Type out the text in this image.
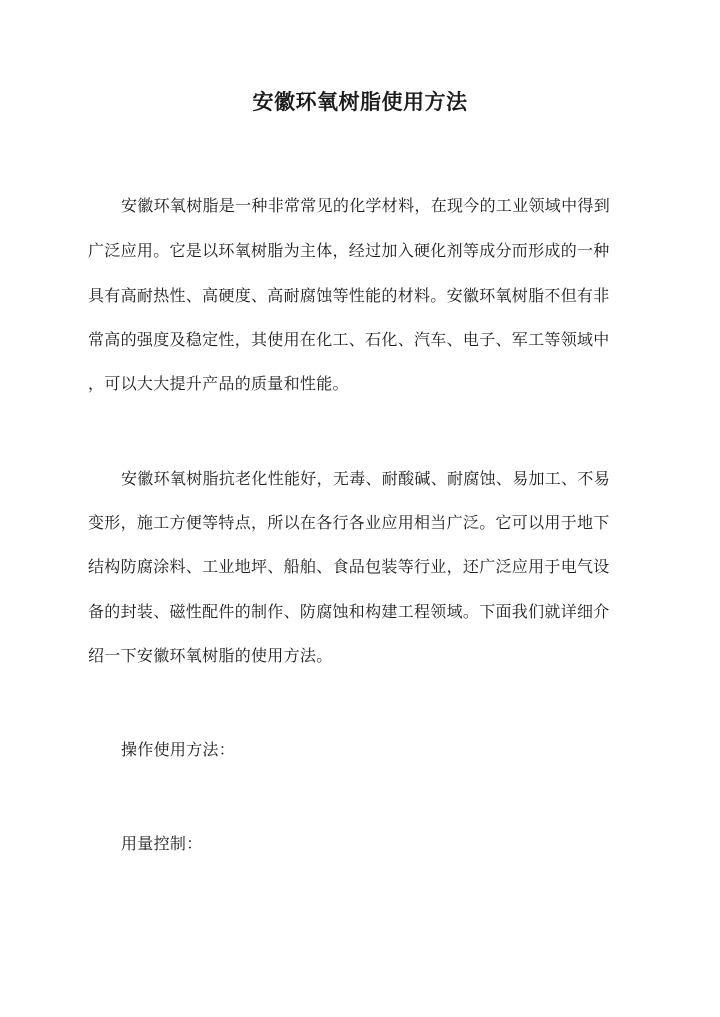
安徽环氧树脂使用方法
安徽环氧树脂是一种非常常见的化学材料，在现今的工业领域中得到
广泛应用。它是以环氧树脂为主体，经过加入硬化剂等成分而形成的一种
具有高耐热性、高硬度、高耐腐蚀等性能的材料。安徽环氧树脂不但有非
常高的强度及稳定性，其使用在化工、石化、汽车、电子、军工等领域中
，可以大大提升产品的质量和性能。
安徽环氧树脂抗老化性能好，无毒、耐酸碱、耐腐蚀、易加工、不易
变形，施工方便等特点，所以在各行各业应用相当广泛。它可以用于地下
结构防腐涂料、工业地坪、船舶、食品包装等行业，还广泛应用于电气设
备的封装、磁性配件的制作、防腐蚀和构建工程领域。下面我们就详细介
绍一下安徽环氧树脂的使用方法。
操作使用方法：
用量控制：
